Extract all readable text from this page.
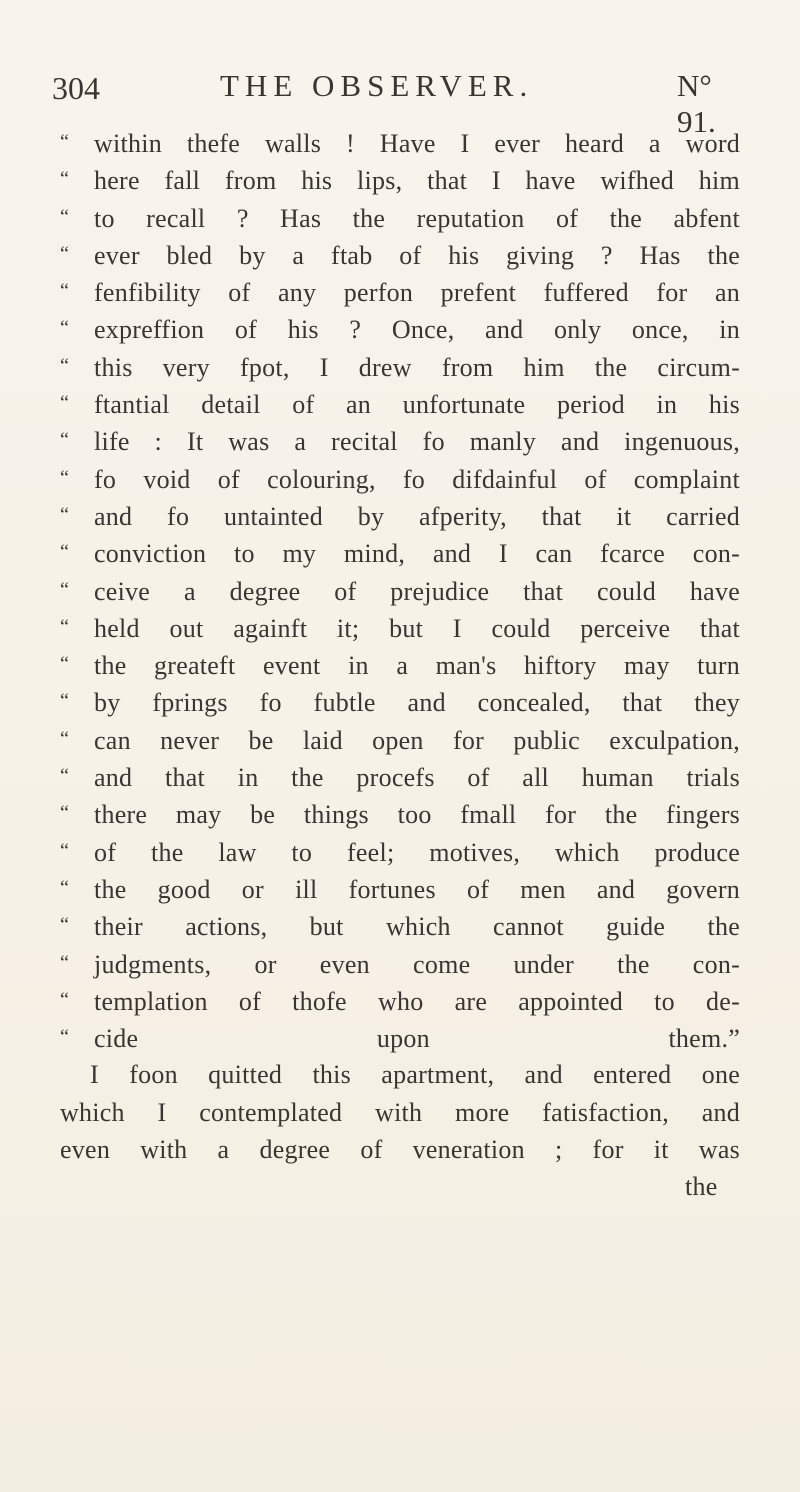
304	THE OBSERVER.	N° 91.
“ within thefe walls ! Have I ever heard a word
“ here fall from his lips, that I have wifhed him
“ to recall ? Has the reputation of the abfent
“ ever bled by a ftab of his giving ? Has the
“ fenfibility of any perfon prefent fuffered for an
“ expreffion of his ? Once, and only once, in
“ this very fpot, I drew from him the circum-
“ ftantial detail of an unfortunate period in his
“ life : It was a recital fo manly and ingenuous,
“ fo void of colouring, fo difdainful of complaint
“ and fo untainted by afperity, that it carried
“ conviction to my mind, and I can fcarce con-
“ ceive a degree of prejudice that could have
“ held out againft it; but I could perceive that
“ the greateft event in a man's hiftory may turn
“ by fprings fo fubtle and concealed, that they
“ can never be laid open for public exculpation,
“ and that in the procefs of all human trials
“ there may be things too fmall for the fingers
“ of the law to feel; motives, which produce
“ the good or ill fortunes of men and govern
“ their actions, but which cannot guide the
“ judgments, or even come under the con-
“ templation of thofe who are appointed to de-
“ cide upon them.”
I foon quitted this apartment, and entered one
which I contemplated with more fatisfaction, and
even with a degree of veneration ; for it was
the
